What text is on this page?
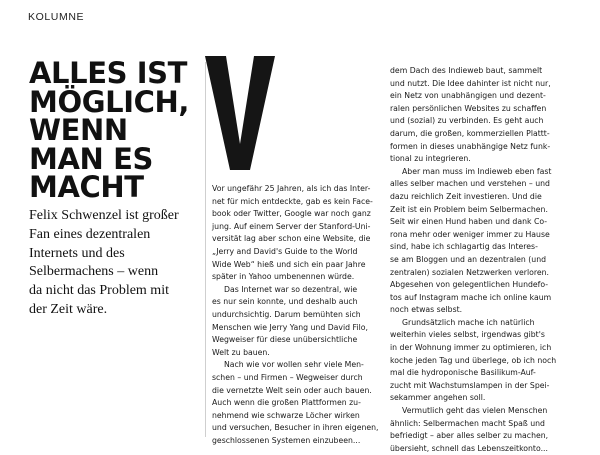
KOLUMNE
ALLES IST
MÖGLICH,
WENN
MAN ES
MACHT

Felix Schwenzel ist großer
Fan eines dezentralen
Internets und des
Selbermachens – wenn
da nicht das Problem mit
der Zeit wäre.

Vor ungefähr 25 Jahren, als ich das Inter-
net für mich entdeckte, gab es kein Face-
book oder Twitter, Google war noch ganz
jung. Auf einem Server der Stanford-Uni-
versität lag aber schon eine Website, die
„Jerry and David's Guide to the World
Wide Web“ hieß und sich ein paar Jahre
später in Yahoo umbenennen würde.
Das Internet war so dezentral, wie
es nur sein konnte, und deshalb auch
undurchsichtig. Darum bemühten sich
Menschen wie Jerry Yang und David Filo,
Wegweiser für diese unübersichtliche
Welt zu bauen.
Nach wie vor wollen sehr viele Men-
schen – und Firmen – Wegweiser durch
die vernetzte Welt sein oder auch bauen.
Auch wenn die großen Plattformen zu-
nehmend wie schwarze Löcher wirken
und versuchen, Besucher in ihren eigenen,
geschlossenen Systemen einzubeen...
dem Dach des Indieweb baut, sammelt
und nutzt. Die Idee dahinter ist nicht nur,
ein Netz von unabhängigen und dezent-
ralen persönlichen Websites zu schaffen
und (sozial) zu verbinden. Es geht auch
darum, die großen, kommerziellen Plattt-
formen in dieses unabhängige Netz funk-
tional zu integrieren.
Aber man muss im Indieweb eben fast
alles selber machen und verstehen – und
dazu reichlich Zeit investieren. Und die
Zeit ist ein Problem beim Selbermachen.
Seit wir einen Hund haben und dank Co-
rona mehr oder weniger immer zu Hause
sind, habe ich schlagartig das Interes-
se am Bloggen und an dezentralen (und
zentralen) sozialen Netzwerken verloren.
Abgesehen von gelegentlichen Hundefo-
tos auf Instagram mache ich online kaum
noch etwas selbst.
Grundsätzlich mache ich natürlich
weiterhin vieles selbst, irgendwas gibt's
in der Wohnung immer zu optimieren, ich
koche jeden Tag und überlege, ob ich noch
mal die hydroponische Basilikum-Auf-
zucht mit Wachstumslampen in der Spei-
sekammer angehen soll.
Vermutlich geht das vielen Menschen
ähnlich: Selbermachen macht Spaß und
befriedigt – aber alles selber zu machen,
übersieht, schnell das Lebenszeitkonto...
